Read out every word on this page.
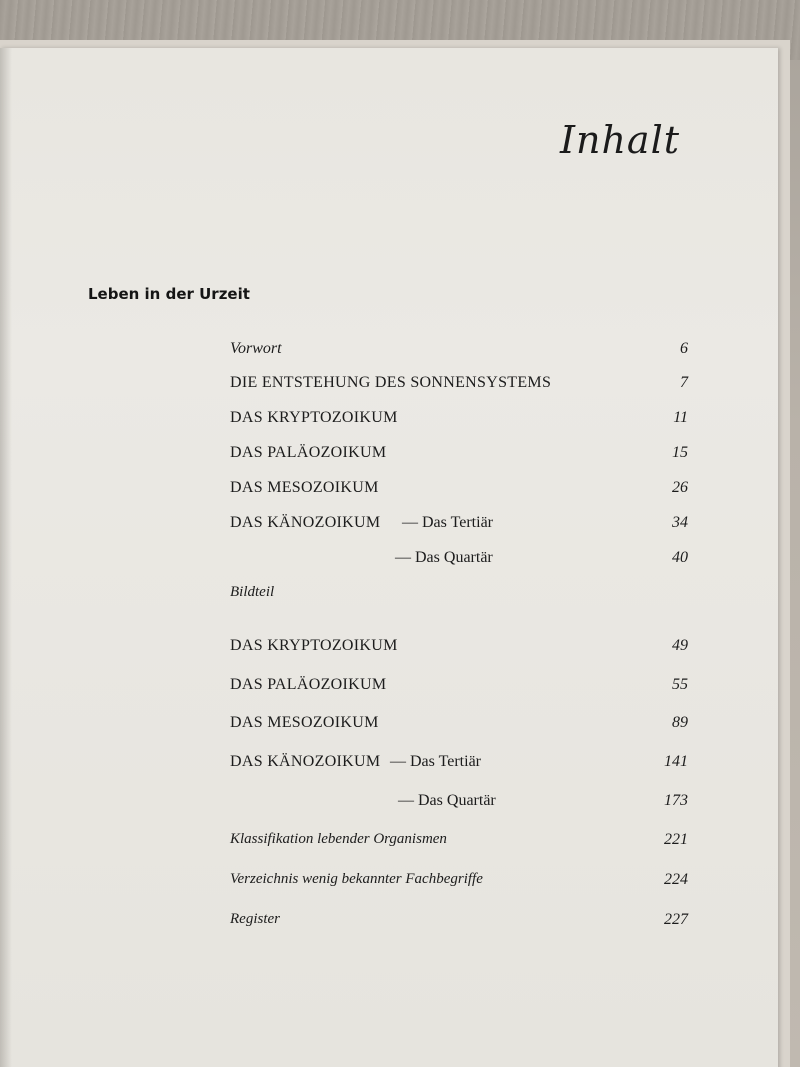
Inhalt
Leben in der Urzeit
Vorwort	6
DIE ENTSTEHUNG DES SONNENSYSTEMS	7
DAS KRYPTOZOIKUM	11
DAS PALÄOZOIKUM	15
DAS MESOZOIKUM	26
DAS KÄNOZOIKUM — Das Tertiär	34
— Das Quartär	40
Bildteil
DAS KRYPTOZOIKUM	49
DAS PALÄOZOIKUM	55
DAS MESOZOIKUM	89
DAS KÄNOZOIKUM — Das Tertiär	141
— Das Quartär	173
Klassifikation lebender Organismen	221
Verzeichnis wenig bekannter Fachbegriffe	224
Register	227
